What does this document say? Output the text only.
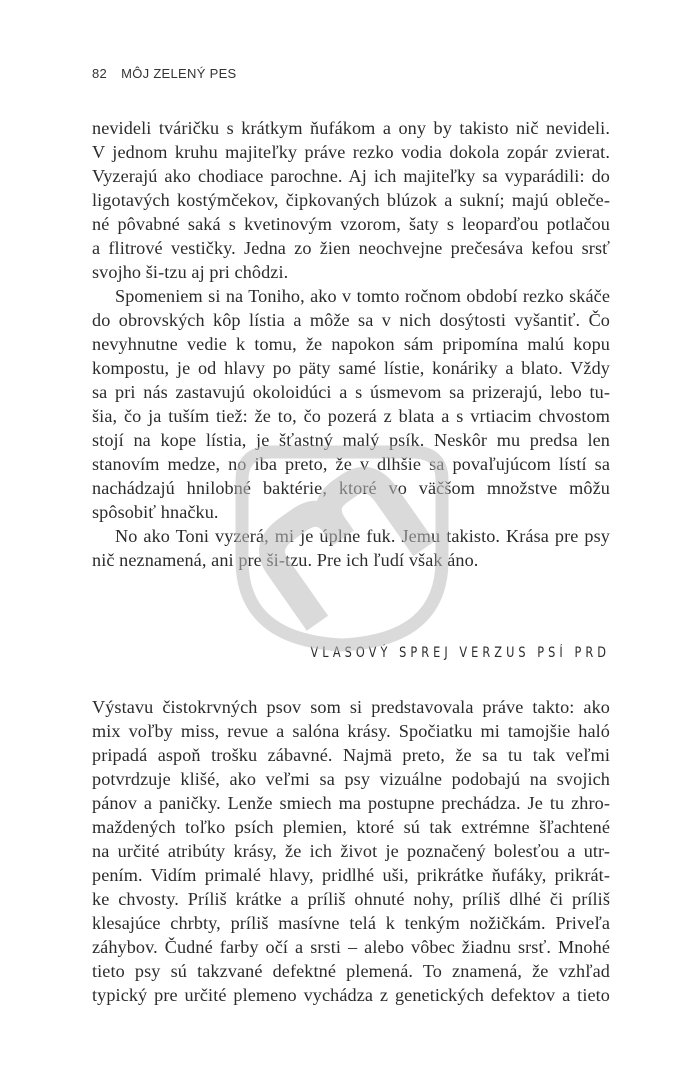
82 MÔJ ZELENÝ PES
nevideli tváričku s krátkym ňufákom a ony by takisto nič nevideli.
V jednom kruhu majiteľky práve rezko vodia dokola zopár zvierat.
Vyzerajú ako chodiace parochne. Aj ich majiteľky sa vyparádili: do
ligotavých kostýmčekov, čipkovaných blúzok a sukní; majú obleče-
né pôvabné saká s kvetinovým vzorom, šaty s leoparďou potlačou
a flitrové vestičky. Jedna zo žien neochvejne prečesáva kefou srsť
svojho ši-tzu aj pri chôdzi.
Spomeniem si na Toniho, ako v tomto ročnom období rezko skáče
do obrovských kôp lístia a môže sa v nich dosýtosti vyšantiť. Čo
nevyhnutne vedie k tomu, že napokon sám pripomína malú kopu
kompostu, je od hlavy po päty samé lístie, konáriky a blato. Vždy
sa pri nás zastavujú okoloidúci a s úsmevom sa prizerajú, lebo tu-
šia, čo ja tuším tiež: že to, čo pozerá z blata a s vrtiacim chvostom
stojí na kope lístia, je šťastný malý psík. Neskôr mu predsa len
stanovím medze, no iba preto, že v dlhšie sa povaľujúcom lístí sa
nachádzajú hnilobné baktérie, ktoré vo väčšom množstve môžu
spôsobiť hnačku.
No ako Toni vyzerá, mi je úplne fuk. Jemu takisto. Krása pre psy
nič neznamená, ani pre ši-tzu. Pre ich ľudí však áno.
VLASOVÝ SPREJ VERZUS PSÍ PRD
Výstavu čistokrvných psov som si predstavovala práve takto: ako
mix voľby miss, revue a salóna krásy. Spočiatku mi tamojšie haló
pripadá aspoň trošku zábavné. Najmä preto, že sa tu tak veľmi
potvrdzuje klišé, ako veľmi sa psy vizuálne podobajú na svojich
pánov a paničky. Lenže smiech ma postupne prechádza. Je tu zhro-
maždených toľko psích plemien, ktoré sú tak extrémne šľachtené
na určité atribúty krásy, že ich život je poznačený bolesťou a utr-
pením. Vidím primalé hlavy, pridlhé uši, prikrátke ňufáky, prikrát-
ke chvosty. Príliš krátke a príliš ohnuté nohy, príliš dlhé či príliš
klesajúce chrbty, príliš masívne telá k tenkým nožičkám. Priveľa
záhybov. Čudné farby očí a srsti – alebo vôbec žiadnu srsť. Mnohé
tieto psy sú takzvané defektné plemená. To znamená, že vzhľad
typický pre určité plemeno vychádza z genetických defektov a tieto
